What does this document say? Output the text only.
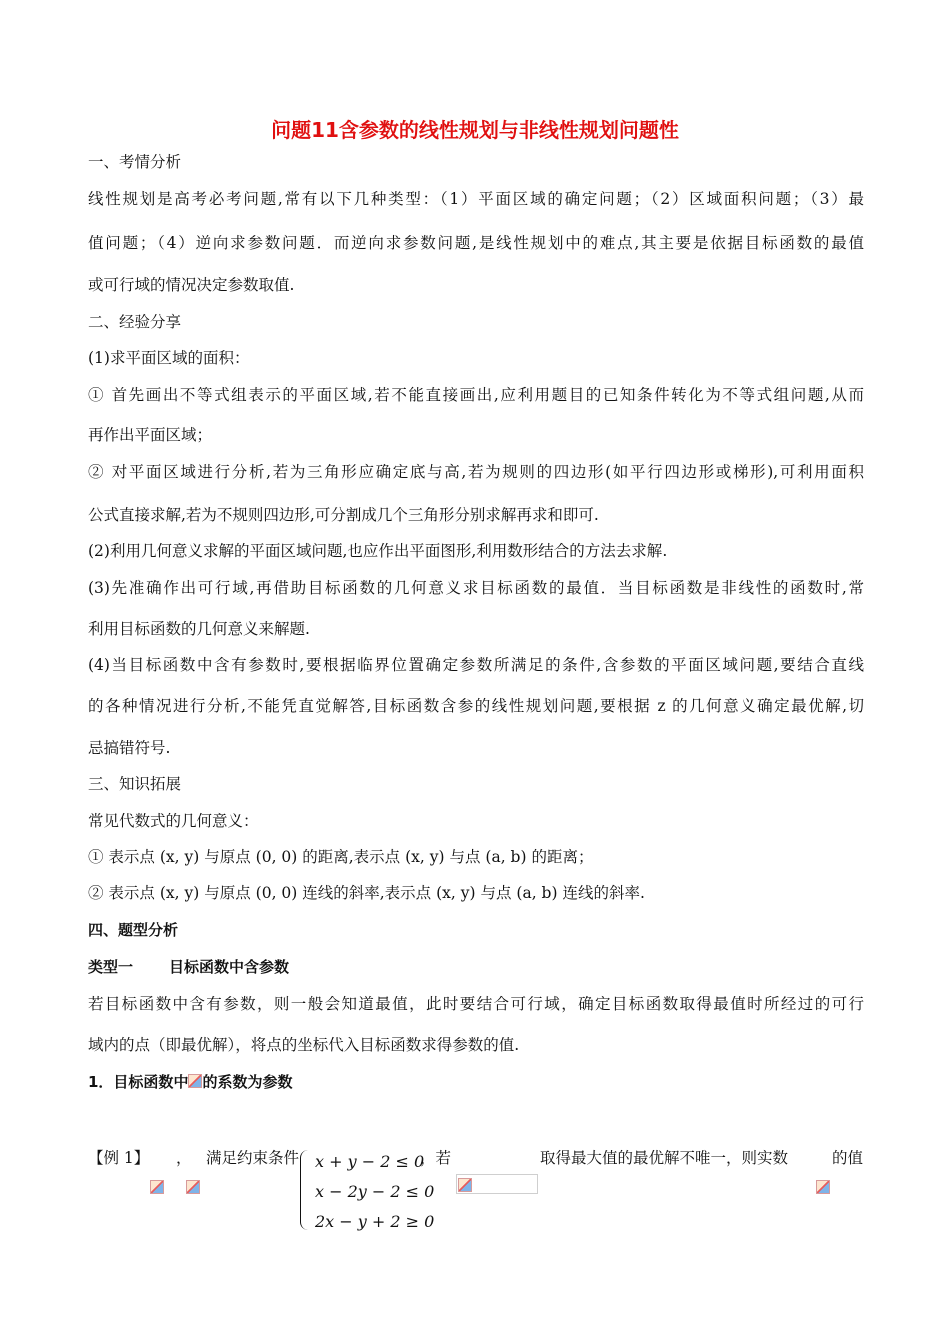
问题11含参数的线性规划与非线性规划问题性
一、考情分析
线性规划是高考必考问题,常有以下几种类型：（1）平面区域的确定问题；（2）区域面积问题；（3）最
值问题；（4）逆向求参数问题．而逆向求参数问题,是线性规划中的难点,其主要是依据目标函数的最值
或可行域的情况决定参数取值.
二、经验分享
(1)求平面区域的面积：
① 首先画出不等式组表示的平面区域,若不能直接画出,应利用题目的已知条件转化为不等式组问题,从而
再作出平面区域；
② 对平面区域进行分析,若为三角形应确定底与高,若为规则的四边形(如平行四边形或梯形),可利用面积
公式直接求解,若为不规则四边形,可分割成几个三角形分别求解再求和即可.
(2)利用几何意义求解的平面区域问题,也应作出平面图形,利用数形结合的方法去求解.
(3)先准确作出可行域,再借助目标函数的几何意义求目标函数的最值．当目标函数是非线性的函数时,常
利用目标函数的几何意义来解题.
(4)当目标函数中含有参数时,要根据临界位置确定参数所满足的条件,含参数的平面区域问题,要结合直线
的各种情况进行分析,不能凭直觉解答,目标函数含参的线性规划问题,要根据 z 的几何意义确定最优解,切
忌搞错符号.
三、知识拓展
常见代数式的几何意义：
① 表示点 (x, y) 与原点 (0, 0) 的距离,表示点 (x, y) 与点 (a, b) 的距离；
② 表示点 (x, y) 与原点 (0, 0) 连线的斜率,表示点 (x, y) 与点 (a, b) 连线的斜率.
四、题型分析
类型一 目标函数中含参数
若目标函数中含有参数，则一般会知道最值，此时要结合可行域，确定目标函数取得最值时所经过的可行
域内的点（即最优解），将点的坐标代入目标函数求得参数的值.
1．目标函数中 的系数为参数
【例 1】 ， 满足约束条件	，若	取得最大值的最优解不唯一，则实数	的值
x + y − 2 ≤ 0
x − 2y − 2 ≤ 0
2x − y + 2 ≥ 0
